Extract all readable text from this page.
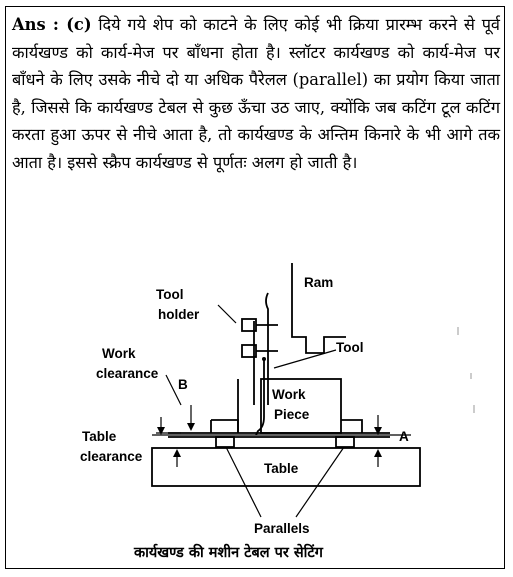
Ans : (c) दिये गये शेप को काटने के लिए कोई भी क्रिया प्रारम्भ करने से पूर्व कार्यखण्ड को कार्य-मेज पर बाँधना होता है। स्लॉटर कार्यखण्ड को कार्य-मेज पर बाँधने के लिए उसके नीचे दो या अधिक पैरेलल (parallel) का प्रयोग किया जाता है, जिससे कि कार्यखण्ड टेबल से कुछ ऊँचा उठ जाए, क्योंकि जब कटिंग टूल कटिंग करता हुआ ऊपर से नीचे आता है, तो कार्यखण्ड के अन्तिम किनारे के भी आगे तक आता है। इससे स्क्रैप कार्यखण्ड से पूर्णतः अलग हो जाती है।

Ram
Tool
holder
Tool
Work
clearance
B
Work
Piece
Table
clearance
A
Table
Parallels
कार्यखण्ड की मशीन टेबल पर सेटिंग
